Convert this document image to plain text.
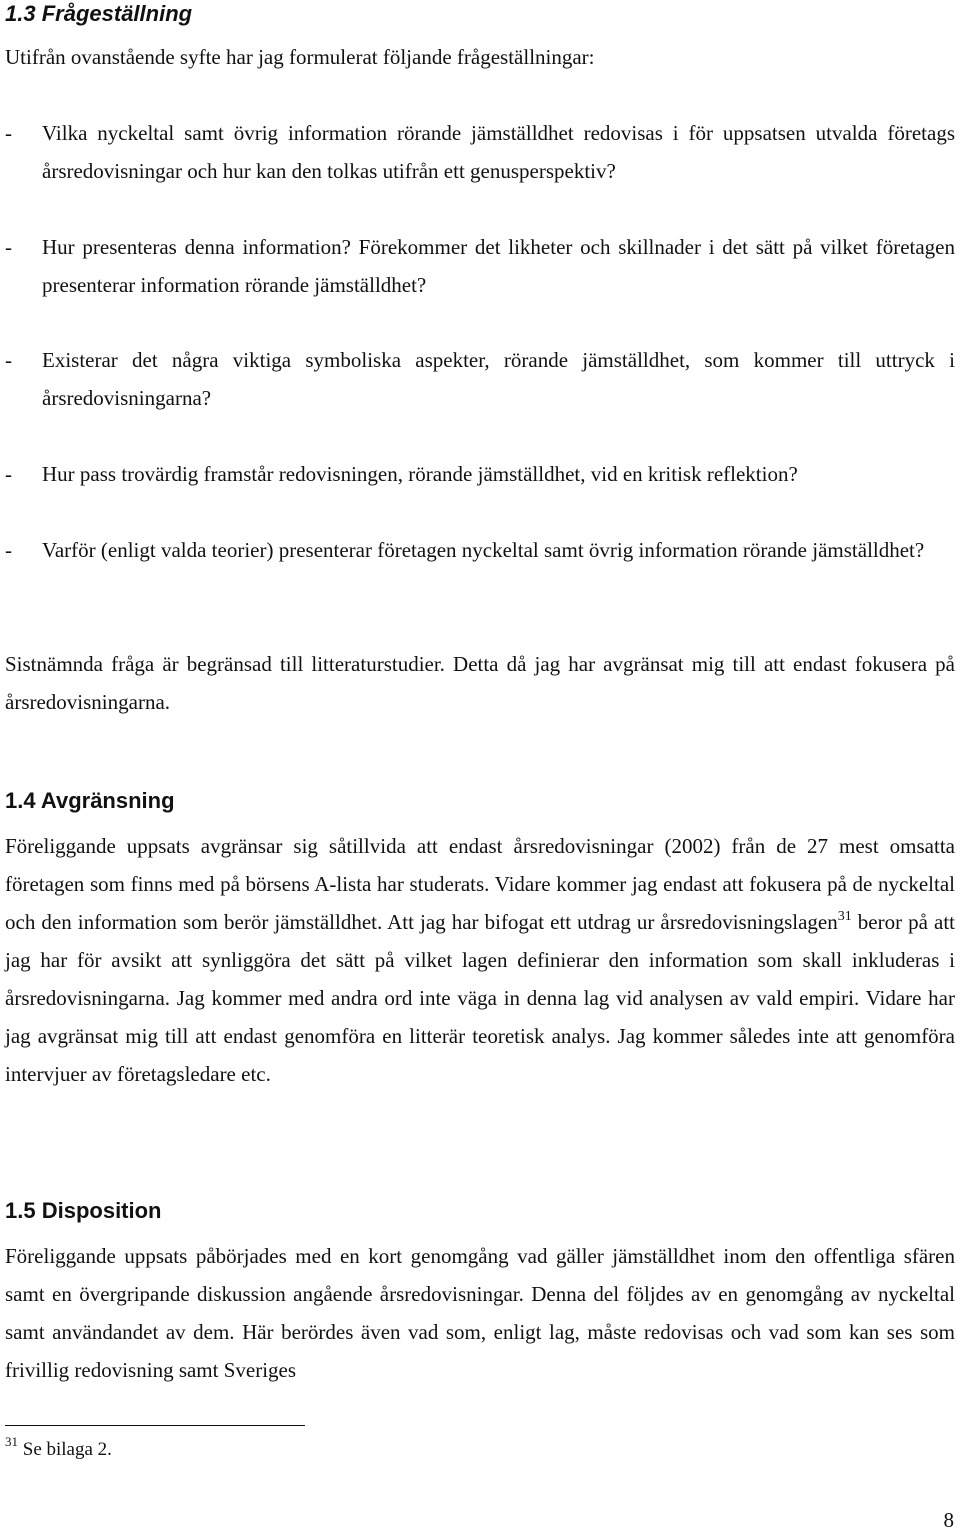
1.3 Frågeställning

Utifrån ovanstående syfte har jag formulerat följande frågeställningar:

- Vilka nyckeltal samt övrig information rörande jämställdhet redovisas i för uppsatsen utvalda företags årsredovisningar och hur kan den tolkas utifrån ett genusperspektiv?
- Hur presenteras denna information? Förekommer det likheter och skillnader i det sätt på vilket företagen presenterar information rörande jämställdhet?
- Existerar det några viktiga symboliska aspekter, rörande jämställdhet, som kommer till uttryck i årsredovisningarna?
- Hur pass trovärdig framstår redovisningen, rörande jämställdhet, vid en kritisk reflektion?
- Varför (enligt valda teorier) presenterar företagen nyckeltal samt övrig information rörande jämställdhet?

Sistnämnda fråga är begränsad till litteraturstudier. Detta då jag har avgränsat mig till att endast fokusera på årsredovisningarna.

1.4 Avgränsning

Föreliggande uppsats avgränsar sig såtillvida att endast årsredovisningar (2002) från de 27 mest omsatta företagen som finns med på börsens A-lista har studerats. Vidare kommer jag endast att fokusera på de nyckeltal och den information som berör jämställdhet. Att jag har bifogat ett utdrag ur årsredovisningslagen$^{31}$ beror på att jag har för avsikt att synliggöra det sätt på vilket lagen definierar den information som skall inkluderas i årsredovisningarna. Jag kommer med andra ord inte väga in denna lag vid analysen av vald empiri. Vidare har jag avgränsat mig till att endast genomföra en litterär teoretisk analys. Jag kommer således inte att genomföra intervjuer av företagsledare etc.

1.5 Disposition

Föreliggande uppsats påbörjades med en kort genomgång vad gäller jämställdhet inom den offentliga sfären samt en övergripande diskussion angående årsredovisningar. Denna del följdes av en genomgång av nyckeltal samt användandet av dem. Här berördes även vad som, enligt lag, måste redovisas och vad som kan ses som frivillig redovisning samt Sveriges

$^{31}$ Se bilaga 2.

8
